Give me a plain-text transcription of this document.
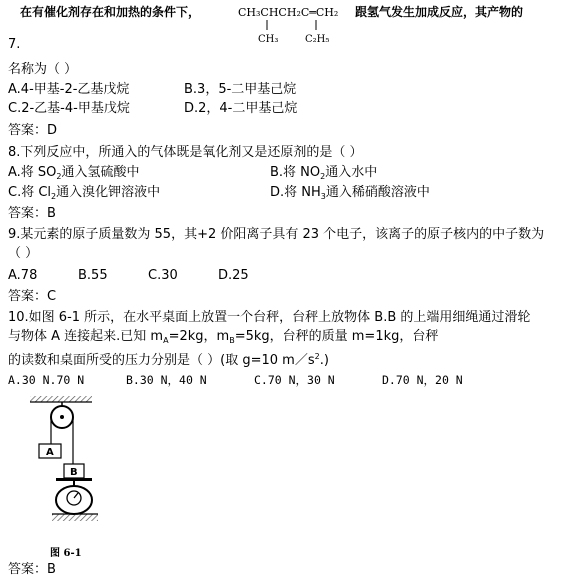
在有催化剂存在和加热的条件下，	CH₃CHCH₂C═CH₂
CH₃	C₂H₅
跟氢气发生加成反应，其产物的
7.
名称为（ ）
A.4-甲基-2-乙基戊烷	B.3，5-二甲基己烷
C.2-乙基-4-甲基戊烷	D.2，4-二甲基己烷
答案：D
8.下列反应中，所通入的气体既是氧化剂又是还原剂的是（ ）
A.将 $SO_2$通入氢硫酸中	B.将 $NO_2$通入水中
C.将 $Cl_2$通入溴化钾溶液中	D.将 $NH_3$通入稀硝酸溶液中
答案：B
9.某元素的原子质量数为 55，其+2 价阳离子具有 23 个电子，该离子的原子核内的中子数为
（ ）
A.78	B.55	C.30	D.25
答案：C
10.如图 6-1 所示，在水平桌面上放置一个台秤，台秤上放物体 B.B 的上端用细绳通过滑轮
与物体 A 连接起来.已知 $m_A=2kg$，$m_B=5kg$，台秤的质量 m=1kg，台秤
的读数和桌面所受的压力分别是（ ）(取 g=10 $m/s^2$.)
A.30 N.70 N	B.30 N，40 N	C.70 N，30 N	D.70 N，20 N
A
B
图 6-1
答案：B
